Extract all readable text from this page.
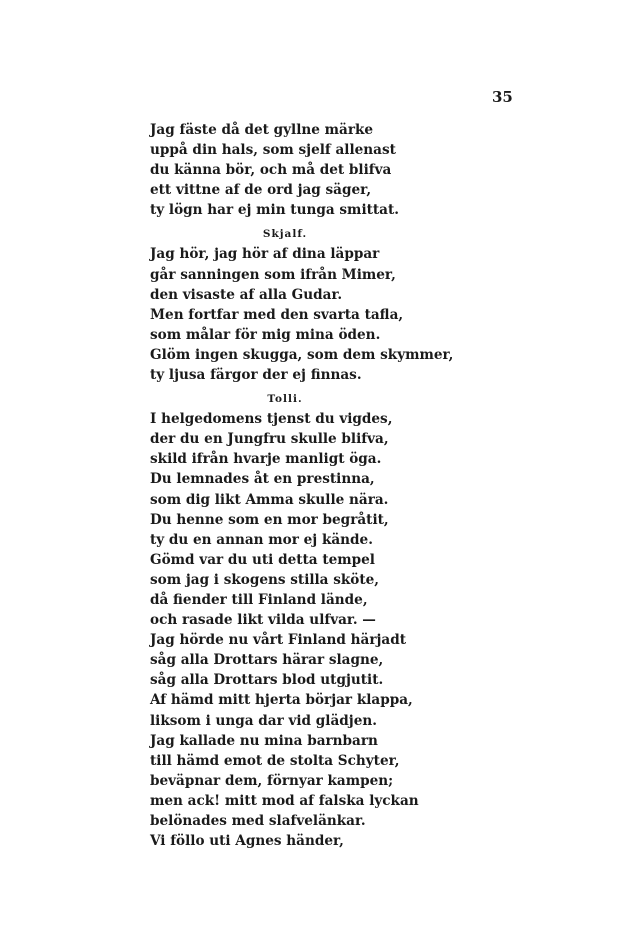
35
Jag fäste då det gyllne märke
uppå din hals, som sjelf allenast
du känna bör, och må det blifva
ett vittne af de ord jag säger,
ty lögn har ej min tunga smittat.
Skjalf.
Jag hör, jag hör af dina läppar
går sanningen som ifrån Mimer,
den visaste af alla Gudar.
Men fortfar med den svarta tafla,
som målar för mig mina öden.
Glöm ingen skugga, som dem skymmer,
ty ljusa färgor der ej finnas.
Tolli.
I helgedomens tjenst du vigdes,
der du en Jungfru skulle blifva,
skild ifrån hvarje manligt öga.
Du lemnades åt en prestinna,
som dig likt Amma skulle nära.
Du henne som en mor begråtit,
ty du en annan mor ej kände.
Gömd var du uti detta tempel
som jag i skogens stilla sköte,
då fiender till Finland lände,
och rasade likt vilda ulfvar. —
Jag hörde nu vårt Finland härjadt
såg alla Drottars härar slagne,
såg alla Drottars blod utgjutit.
Af hämd mitt hjerta börjar klappa,
liksom i unga dar vid glädjen.
Jag kallade nu mina barnbarn
till hämd emot de stolta Schyter,
beväpnar dem, förnyar kampen;
men ack! mitt mod af falska lyckan
belönades med slafvelänkar.
Vi föllo uti Agnes händer,
